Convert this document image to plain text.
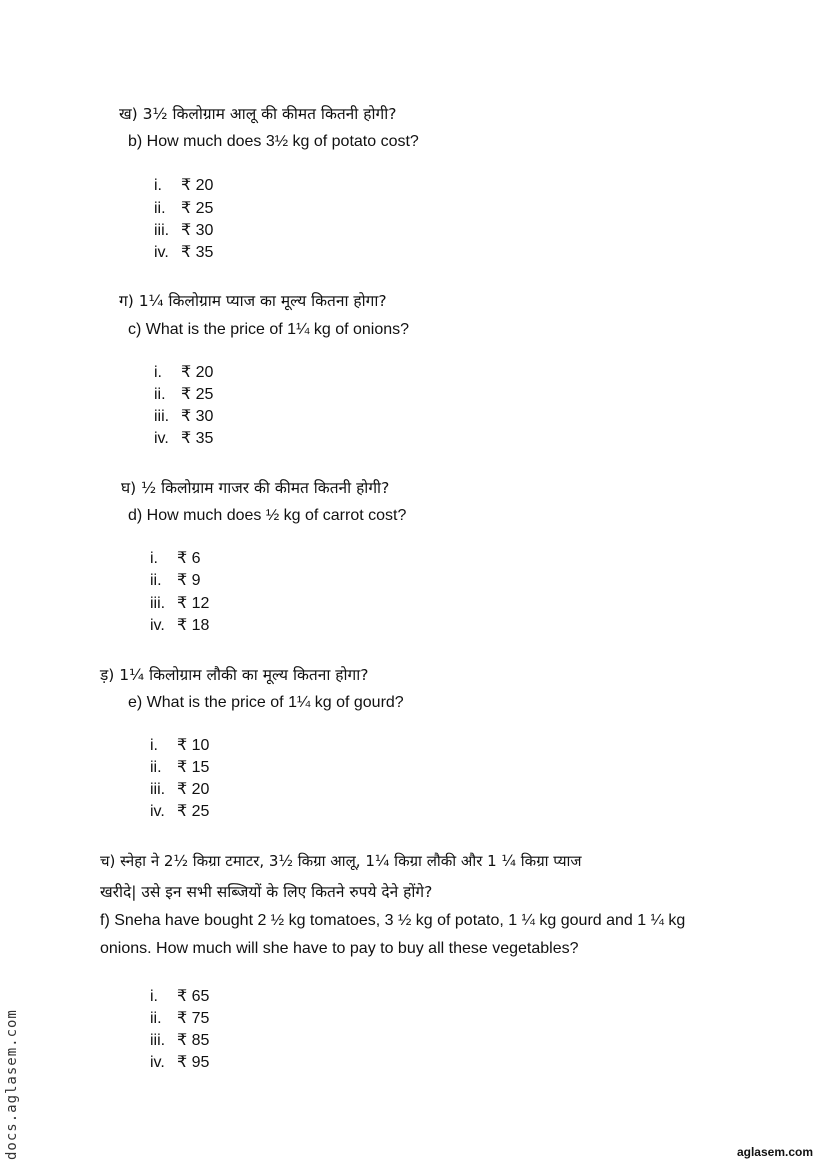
ख) 3½ किलोग्राम आलू की कीमत कितनी होगी?
b) How much does 3½ kg of potato cost?
i. ₹ 20
ii. ₹ 25
iii. ₹ 30
iv. ₹ 35
ग) 1¼ किलोग्राम प्याज का मूल्य कितना होगा?
c) What is the price of 1¼ kg of onions?
i. ₹ 20
ii. ₹ 25
iii. ₹ 30
iv. ₹ 35
घ) ½ किलोग्राम गाजर की कीमत कितनी होगी?
d) How much does ½ kg of carrot cost?
i. ₹ 6
ii. ₹ 9
iii. ₹ 12
iv. ₹ 18
ड़) 1¼ किलोग्राम लौकी का मूल्य कितना होगा?
e) What is the price of 1¼ kg of gourd?
i. ₹ 10
ii. ₹ 15
iii. ₹ 20
iv. ₹ 25
च) स्नेहा ने 2½ किग्रा टमाटर, 3½ किग्रा आलू, 1¼ किग्रा लौकी और 1 ¼ किग्रा प्याज
खरीदे| उसे इन सभी सब्जियों के लिए कितने रुपये देने होंगे?
f) Sneha have bought 2 ½ kg tomatoes, 3 ½ kg of potato, 1 ¼ kg gourd and 1 ¼ kg
onions. How much will she have to pay to buy all these vegetables?
i. ₹ 65
ii. ₹ 75
iii. ₹ 85
iv. ₹ 95
docs.aglasem.com	aglasem.com
